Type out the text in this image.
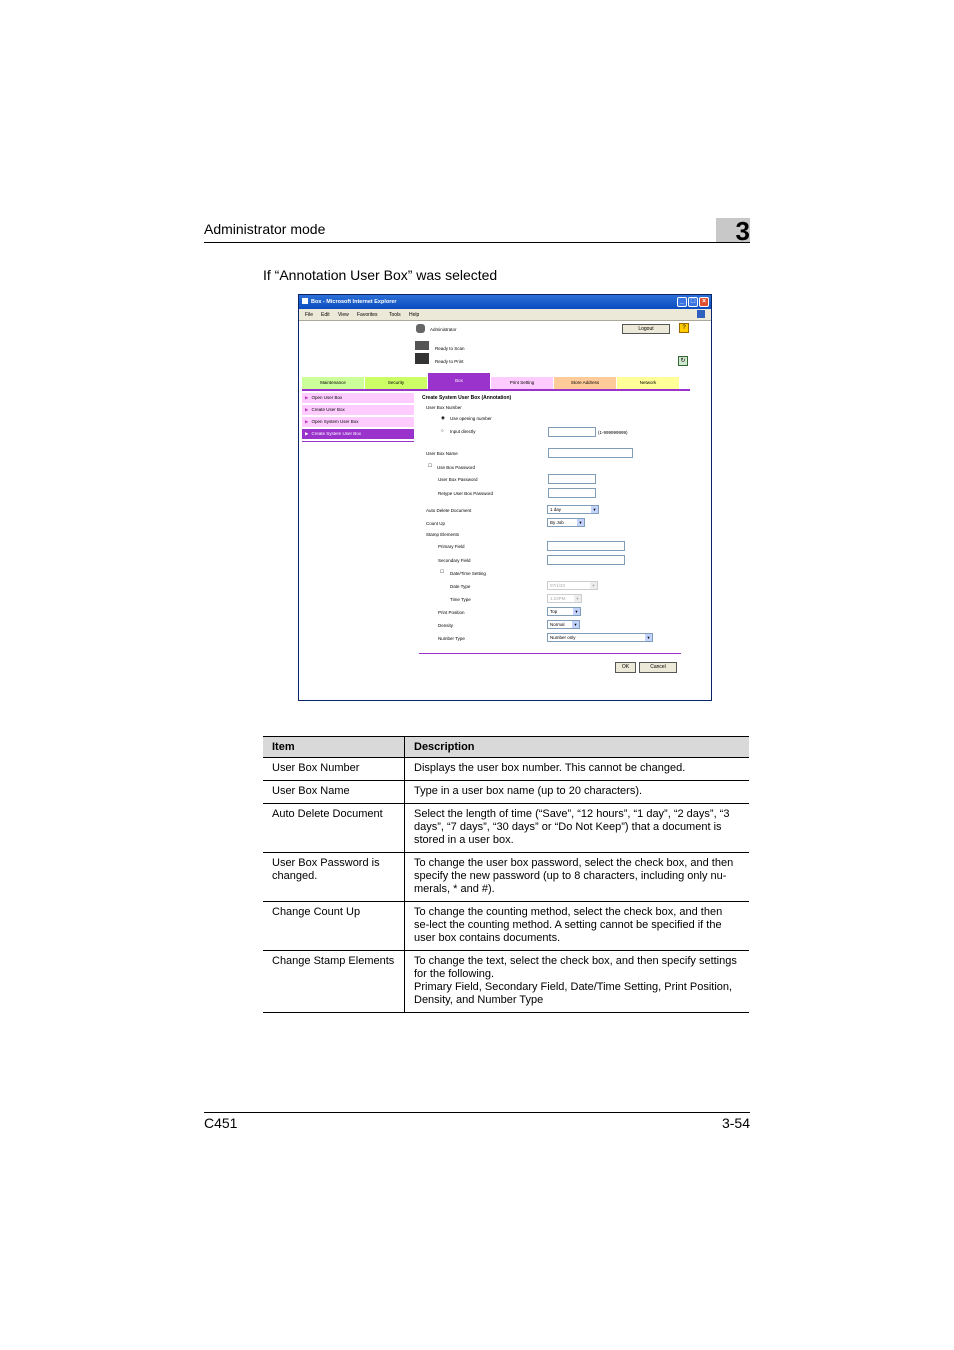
Administrator mode	3
If “Annotation User Box” was selected
Box - Microsoft Internet Explorer	_ □ ×
File Edit View Favorites Tools Help
Administrator	Logout	?
Ready to Scan
Ready to Print	↻
Maintenance	Security	Box	Print Setting	Store Address	Network
▶ Open User Box
▶ Create User Box
▶ Open System User Box
▶ Create System User Box
Create System User Box (Annotation)
User Box Number
◉ Use opening number
○ Input directly	(1-999999999)
User Box Name
☐ Use Box Password
User Box Password
Retype User Box Password
Auto Delete Document	1 day	▼
Count Up	By Job	▼
Stamp Elements
Primary Field
Secondary Field
☐ Date/Time Setting
Date Type	07/1/23	▼
Time Type	1:23PM	▼
Print Position	Top	▼
Density	Normal	▼
Number Type	Number only	▼
OK	Cancel
Item	Description
User Box Number	Displays the user box number. This cannot be changed.
User Box Name	Type in a user box name (up to 20 characters).
Auto Delete Document	Select the length of time (“Save”, “12 hours”, “1 day”, “2 days”, “3 days”, “7 days”, “30 days” or “Do Not Keep”) that a document is stored in a user box.
User Box Password is changed.	To change the user box password, select the check box, and then specify the new password (up to 8 characters, including only nu-merals, * and #).
Change Count Up	To change the counting method, select the check box, and then se-lect the counting method. A setting cannot be specified if the user box contains documents.
Change Stamp Elements	To change the text, select the check box, and then specify settings for the following.
Primary Field, Secondary Field, Date/Time Setting, Print Position, Density, and Number Type
C451	3-54
